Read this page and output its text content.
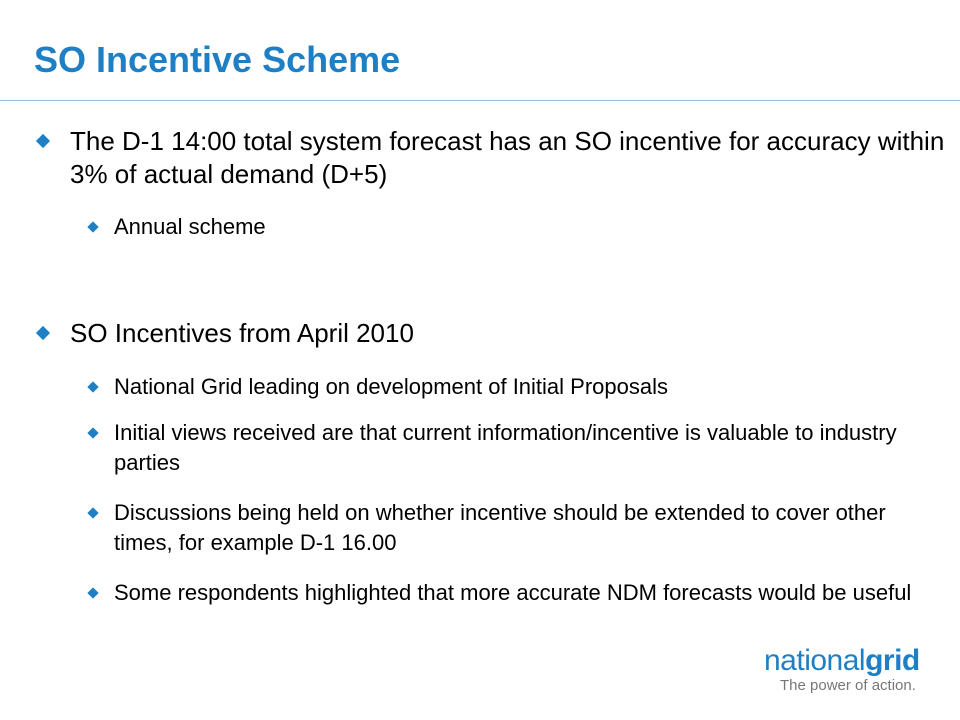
SO Incentive Scheme
The D-1 14:00 total system forecast has an SO incentive for accuracy within 3% of actual demand (D+5)
Annual scheme
SO Incentives from April 2010
National Grid leading on development of Initial Proposals
Initial views received are that current information/incentive is valuable to industry parties
Discussions being held on whether incentive should be extended to cover other times, for example D-1 16.00
Some respondents highlighted that more accurate NDM forecasts would be useful
nationalgrid
The power of action.
